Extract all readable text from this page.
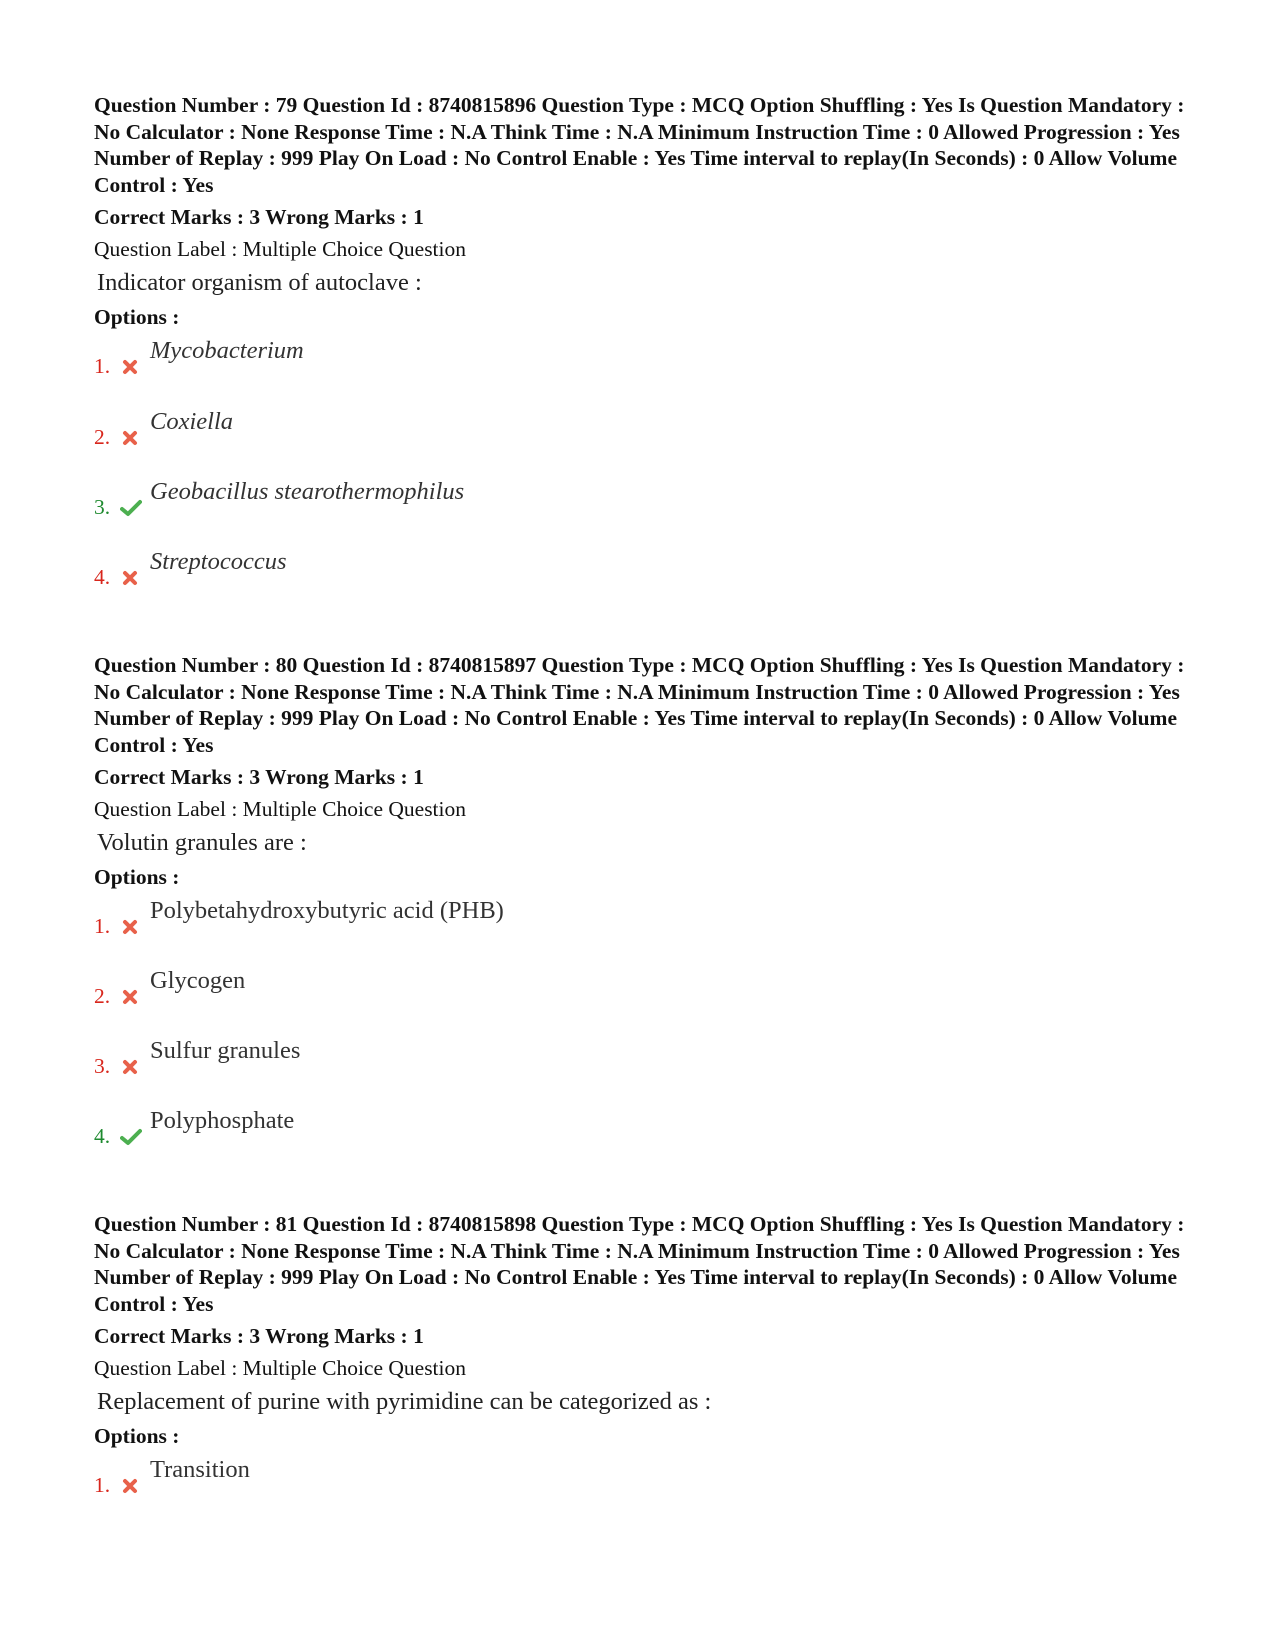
Question Number : 79 Question Id : 8740815896 Question Type : MCQ Option Shuffling : Yes Is Question Mandatory : No Calculator : None Response Time : N.A Think Time : N.A Minimum Instruction Time : 0 Allowed Progression : Yes Number of Replay : 999 Play On Load : No Control Enable : Yes Time interval to replay(In Seconds) : 0 Allow Volume Control : Yes

Correct Marks : 3 Wrong Marks : 1
Question Label : Multiple Choice Question
Indicator organism of autoclave :
Options :
1.
Mycobacterium
2.
Coxiella
3.
Geobacillus stearothermophilus
4.
Streptococcus

Question Number : 80 Question Id : 8740815897 Question Type : MCQ Option Shuffling : Yes Is Question Mandatory : No Calculator : None Response Time : N.A Think Time : N.A Minimum Instruction Time : 0 Allowed Progression : Yes Number of Replay : 999 Play On Load : No Control Enable : Yes Time interval to replay(In Seconds) : 0 Allow Volume Control : Yes

Correct Marks : 3 Wrong Marks : 1
Question Label : Multiple Choice Question
Volutin granules are :
Options :
1.
Polybetahydroxybutyric acid (PHB)
2.
Glycogen
3.
Sulfur granules
4.
Polyphosphate

Question Number : 81 Question Id : 8740815898 Question Type : MCQ Option Shuffling : Yes Is Question Mandatory : No Calculator : None Response Time : N.A Think Time : N.A Minimum Instruction Time : 0 Allowed Progression : Yes Number of Replay : 999 Play On Load : No Control Enable : Yes Time interval to replay(In Seconds) : 0 Allow Volume Control : Yes

Correct Marks : 3 Wrong Marks : 1
Question Label : Multiple Choice Question
Replacement of purine with pyrimidine can be categorized as :
Options :
1.
Transition
